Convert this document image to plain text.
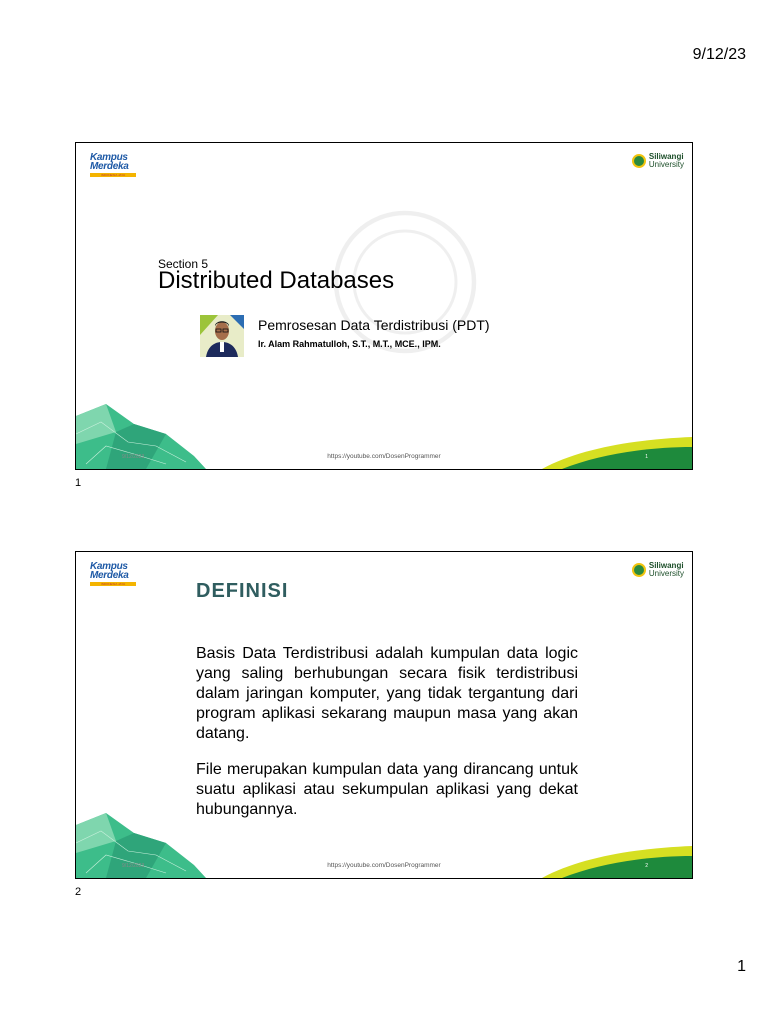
9/12/23
Kampus
Merdeka
INDONESIA JAYA
Siliwangi
University
Section 5
Distributed Databases
Pemrosesan Data Terdistribusi (PDT)
Ir. Alam Rahmatulloh, S.T., M.T., MCE., IPM.
9/12/2023	https://youtube.com/DosenProgrammer	1
1
Kampus
Merdeka
INDONESIA JAYA
Siliwangi
University
DEFINISI

Basis Data Terdistribusi adalah kumpulan data logic yang saling berhubungan secara fisik terdistribusi dalam jaringan komputer, yang tidak tergantung dari program aplikasi sekarang maupun masa yang akan datang.

File merupakan kumpulan data yang dirancang untuk suatu aplikasi atau sekumpulan aplikasi yang dekat hubungannya.

9/12/2023	https://youtube.com/DosenProgrammer	2
2
1
